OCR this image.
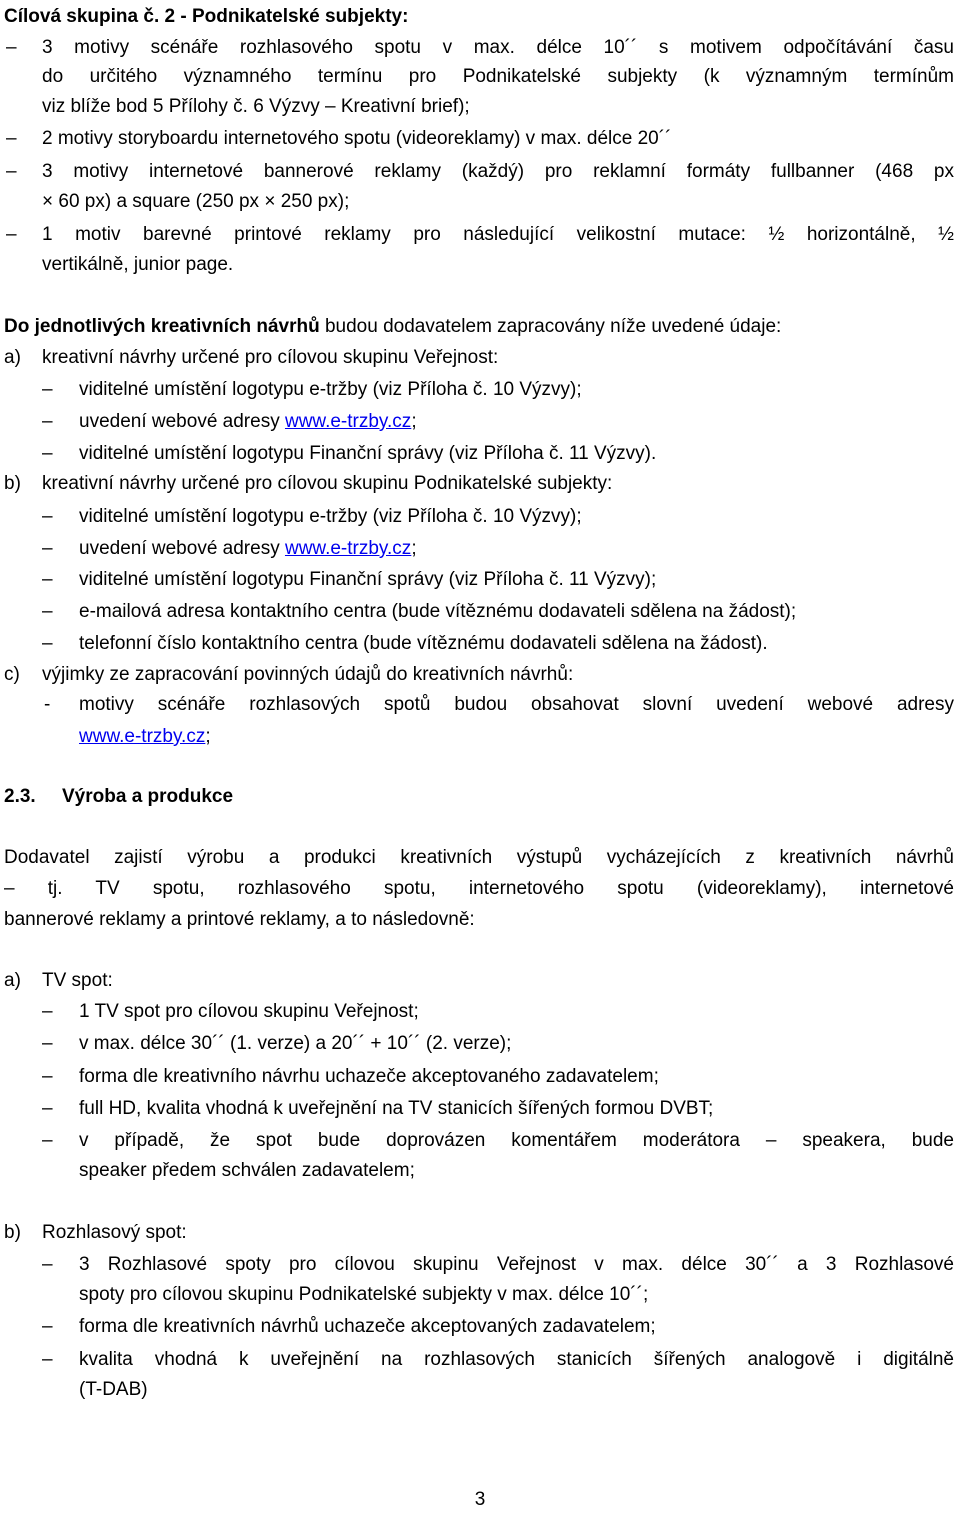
Cílová skupina č. 2 - Podnikatelské subjekty:
– 3 motivy scénáře rozhlasového spotu v max. délce 10´´ s motivem odpočítávání času
do určitého významného termínu pro Podnikatelské subjekty (k významným termínům
viz blíže bod 5 Přílohy č. 6 Výzvy – Kreativní brief);
– 2 motivy storyboardu internetového spotu (videoreklamy) v max. délce 20´´
– 3 motivy internetové bannerové reklamy (každý) pro reklamní formáty fullbanner (468 px
× 60 px) a square (250 px × 250 px);
– 1 motiv barevné printové reklamy pro následující velikostní mutace: ½ horizontálně, ½
vertikálně, junior page.
Do jednotlivých kreativních návrhů budou dodavatelem zapracovány níže uvedené údaje:
a) kreativní návrhy určené pro cílovou skupinu Veřejnost:
– viditelné umístění logotypu e-tržby (viz Příloha č. 10 Výzvy);
– uvedení webové adresy www.e-trzby.cz;
– viditelné umístění logotypu Finanční správy (viz Příloha č. 11 Výzvy).
b) kreativní návrhy určené pro cílovou skupinu Podnikatelské subjekty:
– viditelné umístění logotypu e-tržby (viz Příloha č. 10 Výzvy);
– uvedení webové adresy www.e-trzby.cz;
– viditelné umístění logotypu Finanční správy (viz Příloha č. 11 Výzvy);
– e-mailová adresa kontaktního centra (bude vítěznému dodavateli sdělena na žádost);
– telefonní číslo kontaktního centra (bude vítěznému dodavateli sdělena na žádost).
c) výjimky ze zapracování povinných údajů do kreativních návrhů:
- motivy scénáře rozhlasových spotů budou obsahovat slovní uvedení webové adresy
www.e-trzby.cz;
2.3. Výroba a produkce
Dodavatel zajistí výrobu a produkci kreativních výstupů vycházejících z kreativních návrhů
– tj. TV spotu, rozhlasového spotu, internetového spotu (videoreklamy), internetové
bannerové reklamy a printové reklamy, a to následovně:
a) TV spot:
– 1 TV spot pro cílovou skupinu Veřejnost;
– v max. délce 30´´ (1. verze) a 20´´ + 10´´ (2. verze);
– forma dle kreativního návrhu uchazeče akceptovaného zadavatelem;
– full HD, kvalita vhodná k uveřejnění na TV stanicích šířených formou DVBT;
– v případě, že spot bude doprovázen komentářem moderátora – speakera, bude
speaker předem schválen zadavatelem;
b) Rozhlasový spot:
– 3 Rozhlasové spoty pro cílovou skupinu Veřejnost v max. délce 30´´ a 3 Rozhlasové
spoty pro cílovou skupinu Podnikatelské subjekty v max. délce 10´´;
– forma dle kreativních návrhů uchazeče akceptovaných zadavatelem;
– kvalita vhodná k uveřejnění na rozhlasových stanicích šířených analogově i digitálně
(T-DAB)
3
